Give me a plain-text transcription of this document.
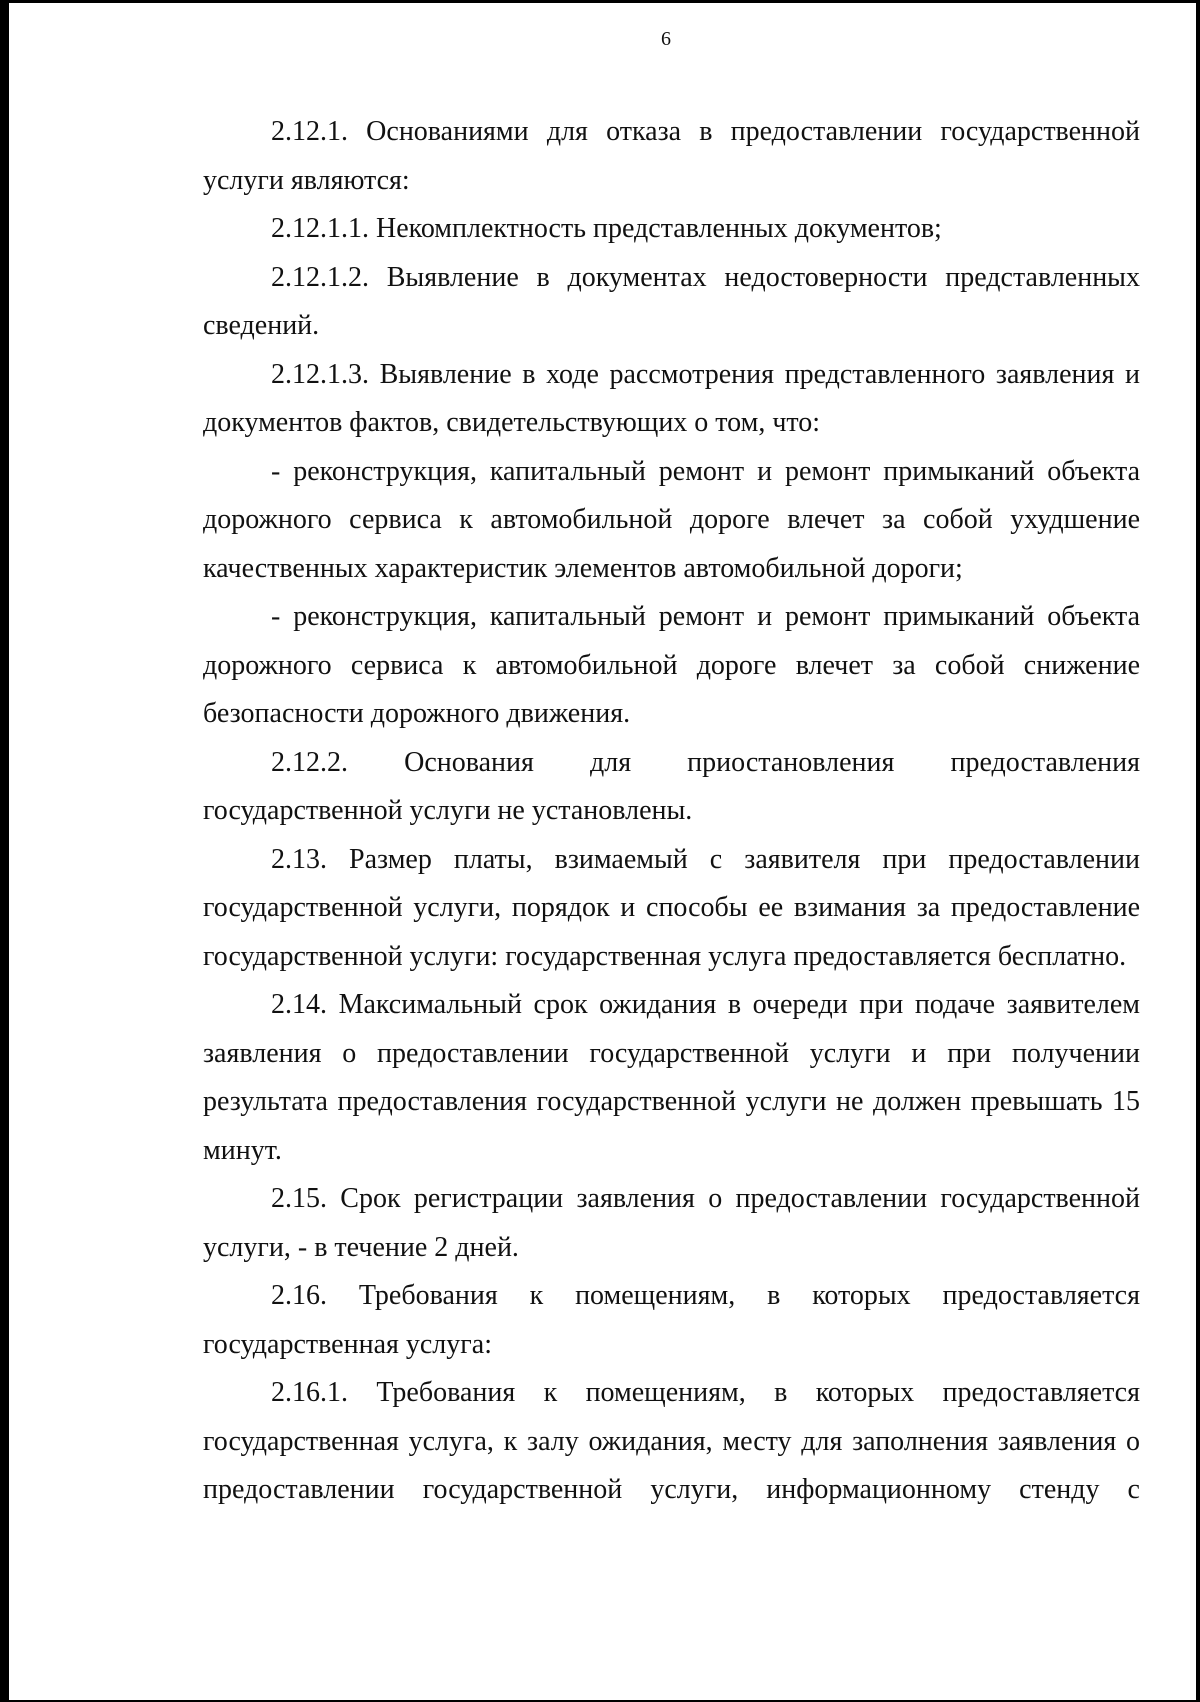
6

2.12.1. Основаниями для отказа в предоставлении государственной услуги являются:

2.12.1.1. Некомплектность представленных документов;

2.12.1.2. Выявление в документах недостоверности представленных сведений.

2.12.1.3. Выявление в ходе рассмотрения представленного заявления и документов фактов, свидетельствующих о том, что:

- реконструкция, капитальный ремонт и ремонт примыканий объекта дорожного сервиса к автомобильной дороге влечет за собой ухудшение качественных характеристик элементов автомобильной дороги;

- реконструкция, капитальный ремонт и ремонт примыканий объекта дорожного сервиса к автомобильной дороге влечет за собой снижение безопасности дорожного движения.

2.12.2. Основания для приостановления предоставления государственной услуги не установлены.

2.13. Размер платы, взимаемый с заявителя при предоставлении государственной услуги, порядок и способы ее взимания за предоставление государственной услуги: государственная услуга предоставляется бесплатно.

2.14. Максимальный срок ожидания в очереди при подаче заявителем заявления о предоставлении государственной услуги и при получении результата предоставления государственной услуги не должен превышать 15 минут.

2.15. Срок регистрации заявления о предоставлении государственной услуги, - в течение 2 дней.

2.16. Требования к помещениям, в которых предоставляется государственная услуга:

2.16.1. Требования к помещениям, в которых предоставляется государственная услуга, к залу ожидания, месту для заполнения заявления о предоставлении государственной услуги, информационному стенду с
